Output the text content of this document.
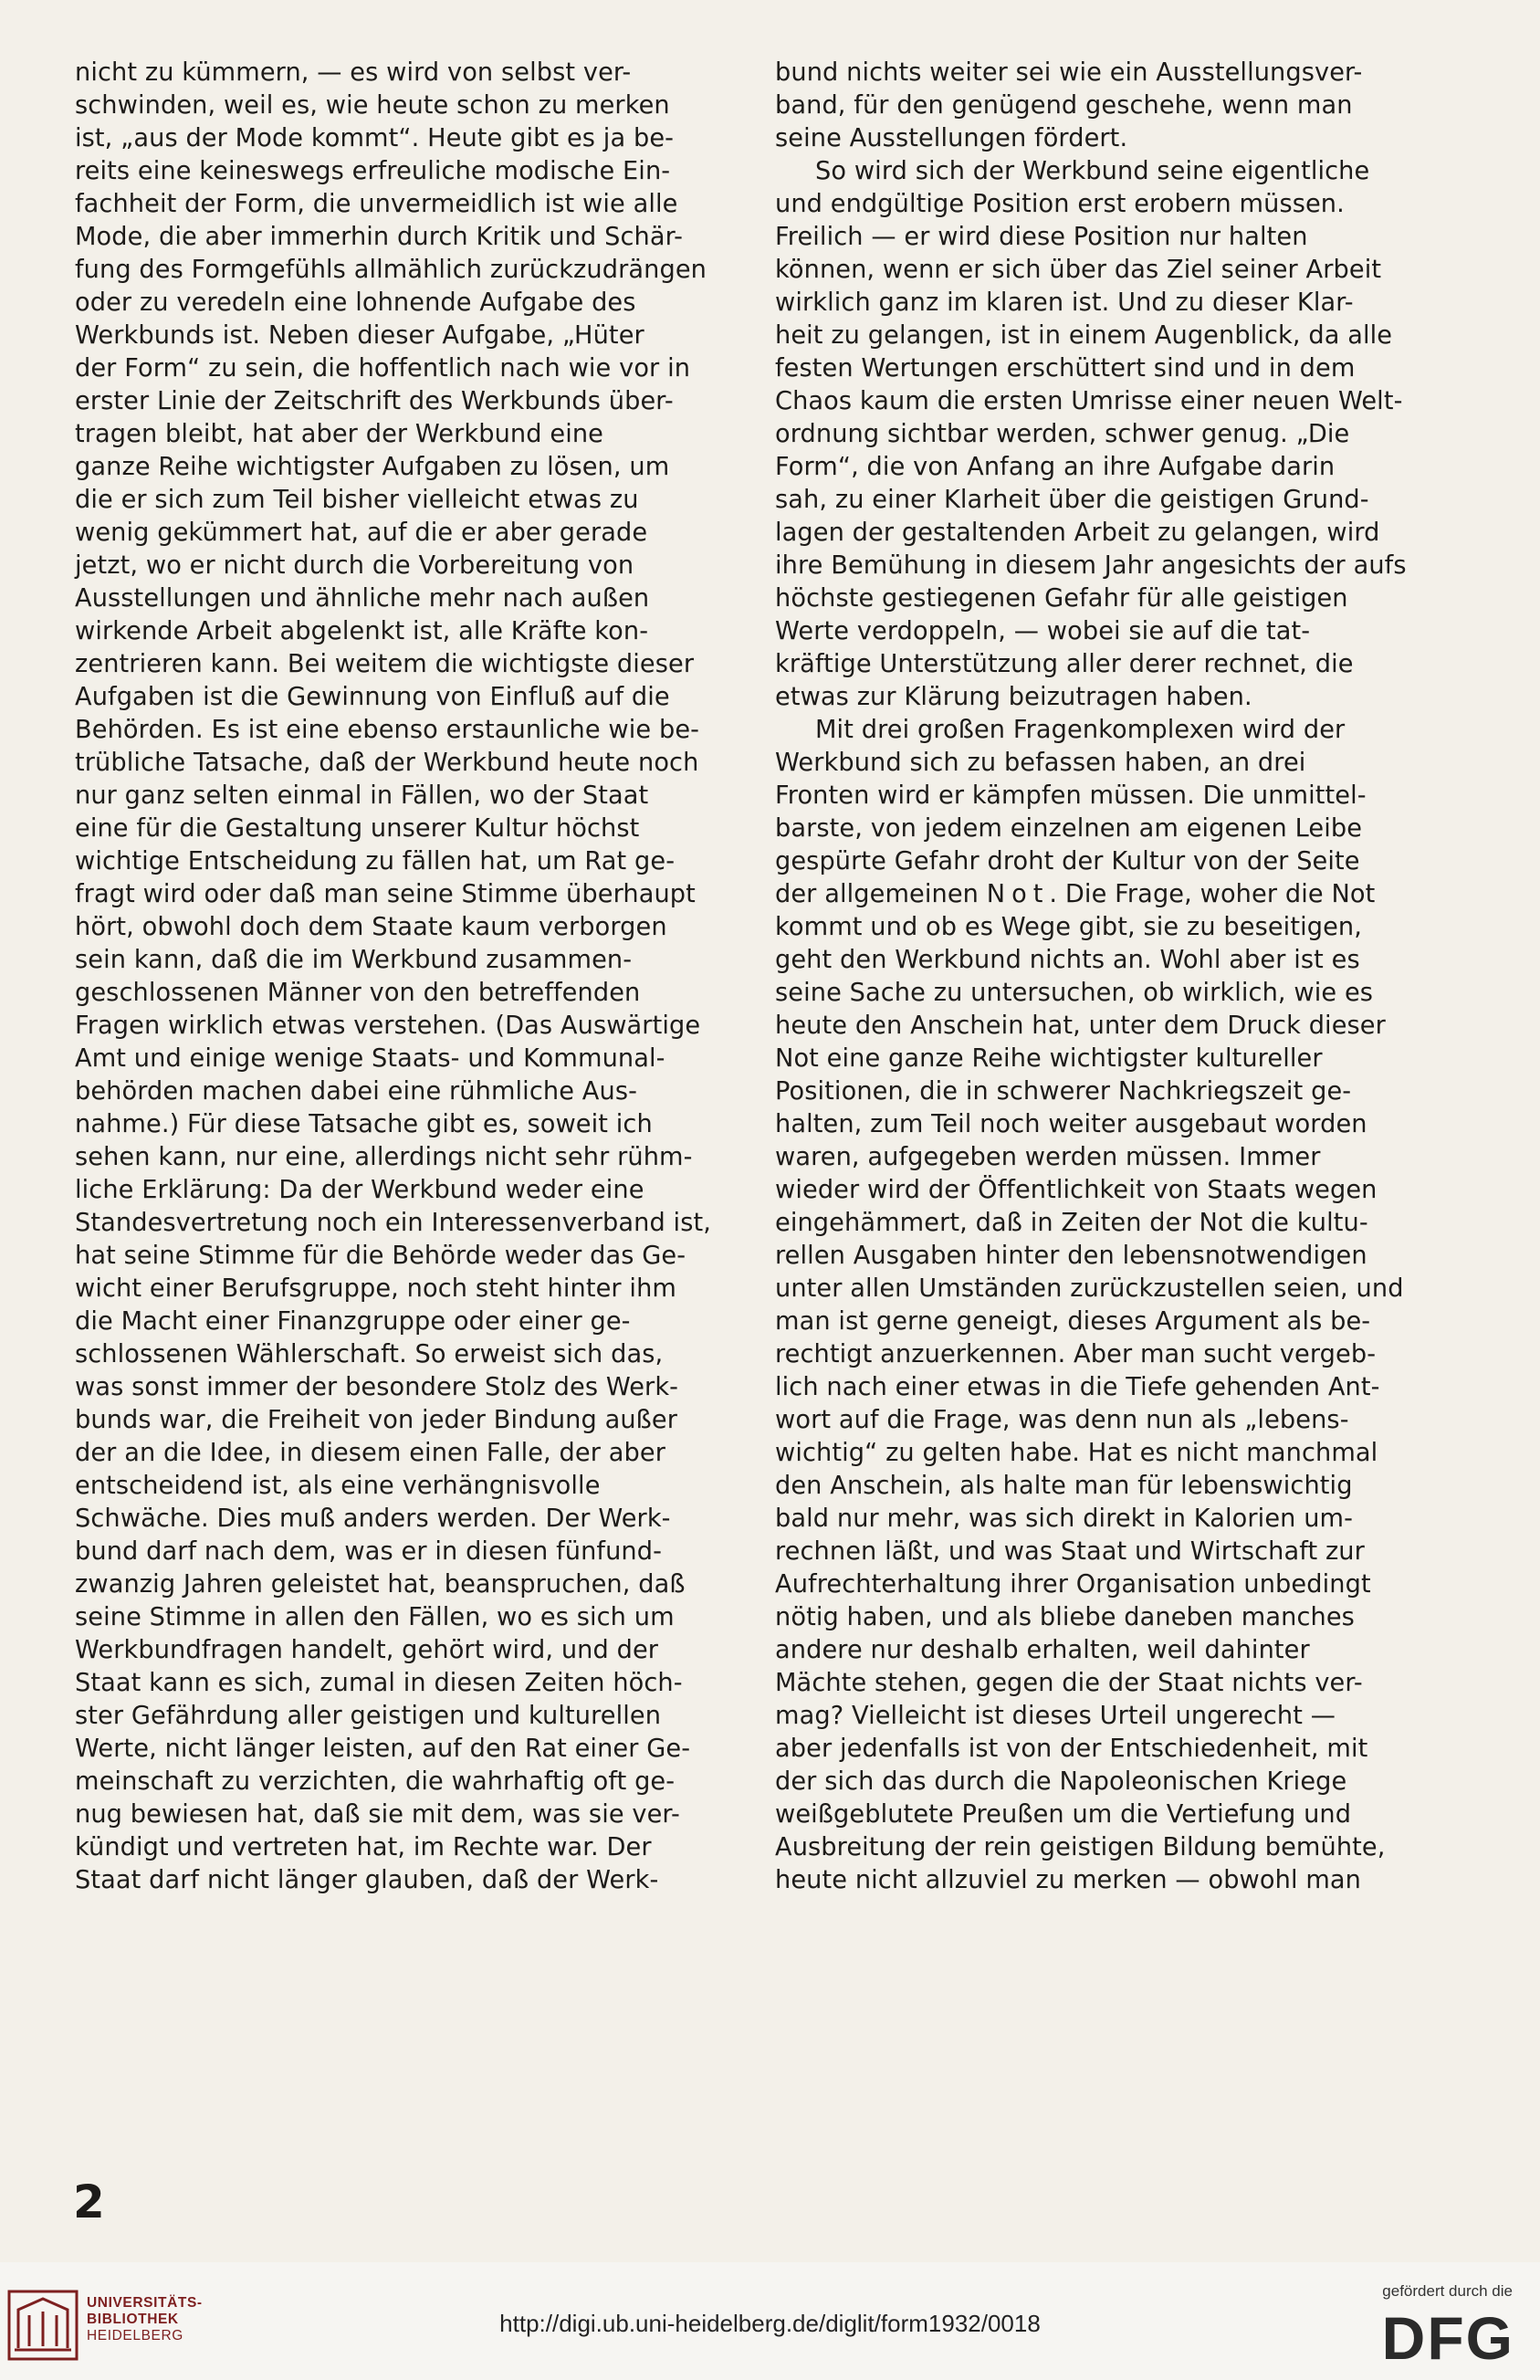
nicht zu kümmern, — es wird von selbst ver-
schwinden, weil es, wie heute schon zu merken
ist, „aus der Mode kommt“. Heute gibt es ja be-
reits eine keineswegs erfreuliche modische Ein-
fachheit der Form, die unvermeidlich ist wie alle
Mode, die aber immerhin durch Kritik und Schär-
fung des Formgefühls allmählich zurückzudrängen
oder zu veredeln eine lohnende Aufgabe des
Werkbunds ist. Neben dieser Aufgabe, „Hüter
der Form“ zu sein, die hoffentlich nach wie vor in
erster Linie der Zeitschrift des Werkbunds über-
tragen bleibt, hat aber der Werkbund eine
ganze Reihe wichtigster Aufgaben zu lösen, um
die er sich zum Teil bisher vielleicht etwas zu
wenig gekümmert hat, auf die er aber gerade
jetzt, wo er nicht durch die Vorbereitung von
Ausstellungen und ähnliche mehr nach außen
wirkende Arbeit abgelenkt ist, alle Kräfte kon-
zentrieren kann. Bei weitem die wichtigste dieser
Aufgaben ist die Gewinnung von Einfluß auf die
Behörden. Es ist eine ebenso erstaunliche wie be-
trübliche Tatsache, daß der Werkbund heute noch
nur ganz selten einmal in Fällen, wo der Staat
eine für die Gestaltung unserer Kultur höchst
wichtige Entscheidung zu fällen hat, um Rat ge-
fragt wird oder daß man seine Stimme überhaupt
hört, obwohl doch dem Staate kaum verborgen
sein kann, daß die im Werkbund zusammen-
geschlossenen Männer von den betreffenden
Fragen wirklich etwas verstehen. (Das Auswärtige
Amt und einige wenige Staats- und Kommunal-
behörden machen dabei eine rühmliche Aus-
nahme.) Für diese Tatsache gibt es, soweit ich
sehen kann, nur eine, allerdings nicht sehr rühm-
liche Erklärung: Da der Werkbund weder eine
Standesvertretung noch ein Interessenverband ist,
hat seine Stimme für die Behörde weder das Ge-
wicht einer Berufsgruppe, noch steht hinter ihm
die Macht einer Finanzgruppe oder einer ge-
schlossenen Wählerschaft. So erweist sich das,
was sonst immer der besondere Stolz des Werk-
bunds war, die Freiheit von jeder Bindung außer
der an die Idee, in diesem einen Falle, der aber
entscheidend ist, als eine verhängnisvolle
Schwäche. Dies muß anders werden. Der Werk-
bund darf nach dem, was er in diesen fünfund-
zwanzig Jahren geleistet hat, beanspruchen, daß
seine Stimme in allen den Fällen, wo es sich um
Werkbundfragen handelt, gehört wird, und der
Staat kann es sich, zumal in diesen Zeiten höch-
ster Gefährdung aller geistigen und kulturellen
Werte, nicht länger leisten, auf den Rat einer Ge-
meinschaft zu verzichten, die wahrhaftig oft ge-
nug bewiesen hat, daß sie mit dem, was sie ver-
kündigt und vertreten hat, im Rechte war. Der
Staat darf nicht länger glauben, daß der Werk-

bund nichts weiter sei wie ein Ausstellungsver-
band, für den genügend geschehe, wenn man
seine Ausstellungen fördert.

So wird sich der Werkbund seine eigentliche
und endgültige Position erst erobern müssen.
Freilich — er wird diese Position nur halten
können, wenn er sich über das Ziel seiner Arbeit
wirklich ganz im klaren ist. Und zu dieser Klar-
heit zu gelangen, ist in einem Augenblick, da alle
festen Wertungen erschüttert sind und in dem
Chaos kaum die ersten Umrisse einer neuen Welt-
ordnung sichtbar werden, schwer genug. „Die
Form“, die von Anfang an ihre Aufgabe darin
sah, zu einer Klarheit über die geistigen Grund-
lagen der gestaltenden Arbeit zu gelangen, wird
ihre Bemühung in diesem Jahr angesichts der aufs
höchste gestiegenen Gefahr für alle geistigen
Werte verdoppeln, — wobei sie auf die tat-
kräftige Unterstützung aller derer rechnet, die
etwas zur Klärung beizutragen haben.

Mit drei großen Fragenkomplexen wird der
Werkbund sich zu befassen haben, an drei
Fronten wird er kämpfen müssen. Die unmittel-
barste, von jedem einzelnen am eigenen Leibe
gespürte Gefahr droht der Kultur von der Seite
der allgemeinen Not. Die Frage, woher die Not
kommt und ob es Wege gibt, sie zu beseitigen,
geht den Werkbund nichts an. Wohl aber ist es
seine Sache zu untersuchen, ob wirklich, wie es
heute den Anschein hat, unter dem Druck dieser
Not eine ganze Reihe wichtigster kultureller
Positionen, die in schwerer Nachkriegszeit ge-
halten, zum Teil noch weiter ausgebaut worden
waren, aufgegeben werden müssen. Immer
wieder wird der Öffentlichkeit von Staats wegen
eingehämmert, daß in Zeiten der Not die kultu-
rellen Ausgaben hinter den lebensnotwendigen
unter allen Umständen zurückzustellen seien, und
man ist gerne geneigt, dieses Argument als be-
rechtigt anzuerkennen. Aber man sucht vergeb-
lich nach einer etwas in die Tiefe gehenden Ant-
wort auf die Frage, was denn nun als „lebens-
wichtig“ zu gelten habe. Hat es nicht manchmal
den Anschein, als halte man für lebenswichtig
bald nur mehr, was sich direkt in Kalorien um-
rechnen läßt, und was Staat und Wirtschaft zur
Aufrechterhaltung ihrer Organisation unbedingt
nötig haben, und als bliebe daneben manches
andere nur deshalb erhalten, weil dahinter
Mächte stehen, gegen die der Staat nichts ver-
mag? Vielleicht ist dieses Urteil ungerecht —
aber jedenfalls ist von der Entschiedenheit, mit
der sich das durch die Napoleonischen Kriege
weißgeblutete Preußen um die Vertiefung und
Ausbreitung der rein geistigen Bildung bemühte,
heute nicht allzuviel zu merken — obwohl man

2
UNIVERSITÄTS-
BIBLIOTHEK
HEIDELBERG	http://digi.ub.uni-heidelberg.de/diglit/form1932/0018
gefördert durch die
DFG
